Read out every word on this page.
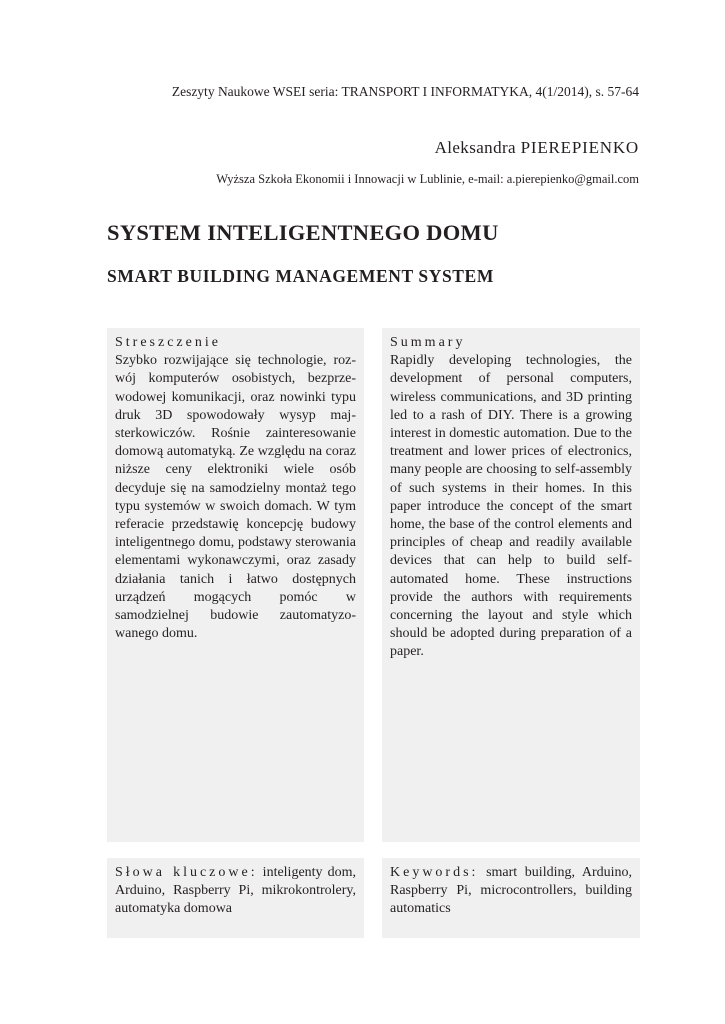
Zeszyty Naukowe WSEI seria: TRANSPORT I INFORMATYKA, 4(1/2014), s. 57-64
Aleksandra PIEREPIENKO
Wyższa Szkoła Ekonomii i Innowacji w Lublinie, e-mail: a.pierepienko@gmail.com
SYSTEM INTELIGENTNEGO DOMU
SMART BUILDING MANAGEMENT SYSTEM
Streszczenie
Szybko rozwijające się technologie, rozwój komputerów osobistych, bezprzewodowej komunikacji, oraz nowinki typu druk 3D spowodowały wysyp majsterkowiczów. Rośnie zainteresowanie domową automatyką. Ze względu na coraz niższe ceny elektroniki wiele osób decyduje się na samodzielny montaż tego typu systemów w swoich domach. W tym referacie przedstawię koncepcję budowy inteligentnego domu, podstawy sterowania elementami wykonawczymi, oraz zasady działania tanich i łatwo dostępnych urządzeń mogących pomóc w samodzielnej budowie zautomatyzowanego domu.
Summary
Rapidly developing technologies, the development of personal computers, wireless communications, and 3D printing led to a rash of DIY. There is a growing interest in domestic automation. Due to the treatment and lower prices of electronics, many people are choosing to self-assembly of such systems in their homes. In this paper introduce the concept of the smart home, the base of the control elements and principles of cheap and readily available devices that can help to build self-automated home. These instructions provide the authors with requirements concerning the layout and style which should be adopted during preparation of a paper.
Słowa kluczowe: inteligenty dom, Arduino, Raspberry Pi, mikrokontrolery, automatyka domowa
Keywords: smart building, Arduino, Raspberry Pi, microcontrollers, building automatics
